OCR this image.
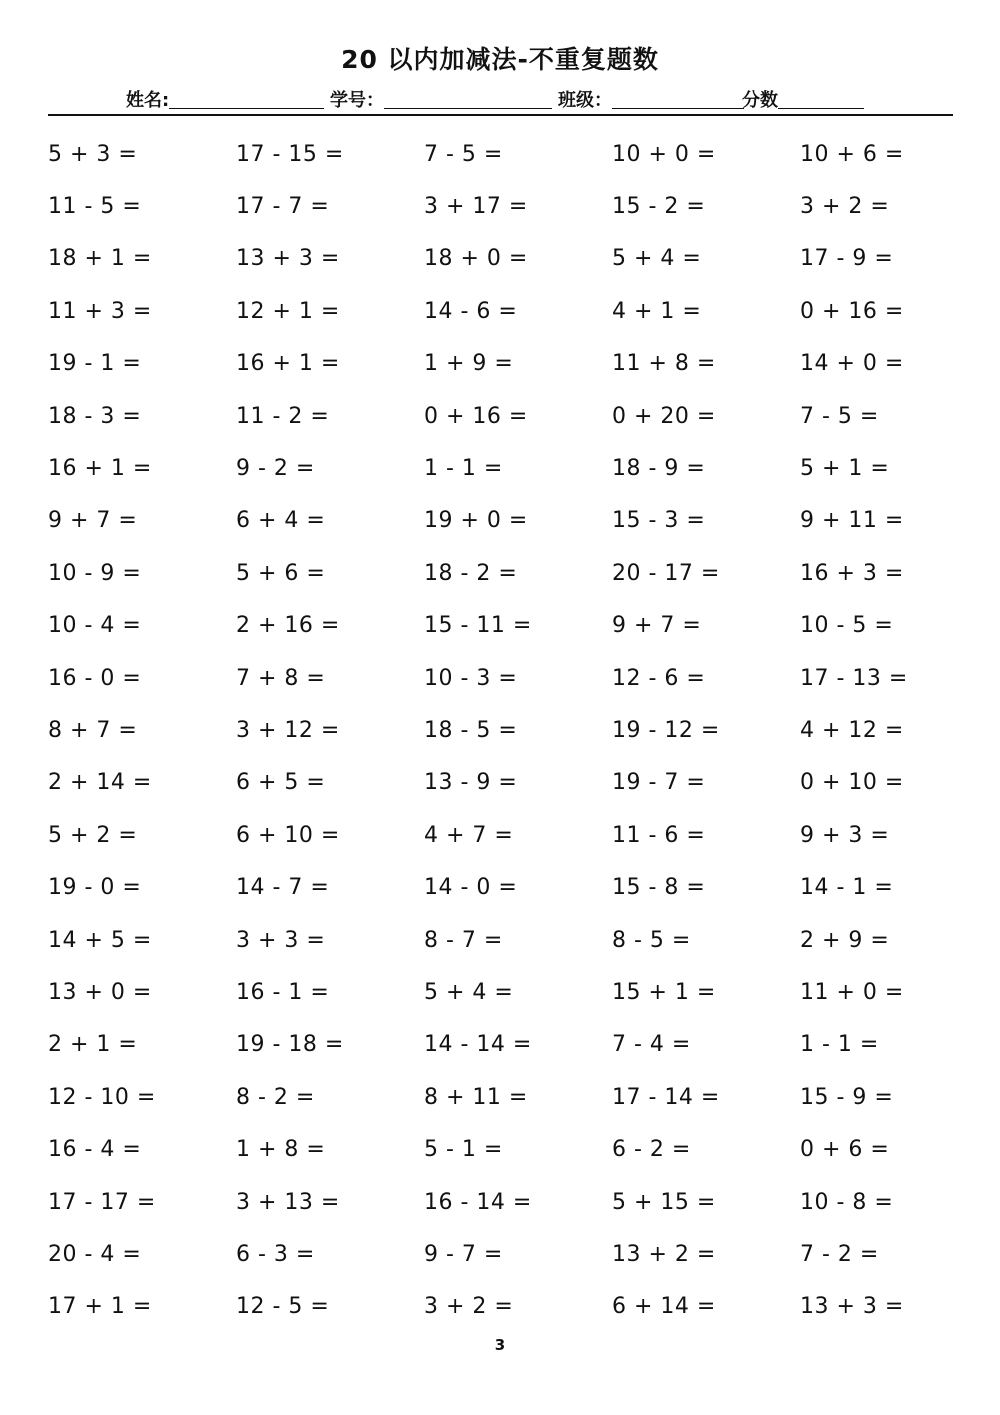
20 以内加减法-不重复题数
姓名:	学号：	班级：	分数
5 + 3 =	17 - 15 =	7 - 5 =	10 + 0 =	10 + 6 =
11 - 5 =	17 - 7 =	3 + 17 =	15 - 2 =	3 + 2 =
18 + 1 =	13 + 3 =	18 + 0 =	5 + 4 =	17 - 9 =
11 + 3 =	12 + 1 =	14 - 6 =	4 + 1 =	0 + 16 =
19 - 1 =	16 + 1 =	1 + 9 =	11 + 8 =	14 + 0 =
18 - 3 =	11 - 2 =	0 + 16 =	0 + 20 =	7 - 5 =
16 + 1 =	9 - 2 =	1 - 1 =	18 - 9 =	5 + 1 =
9 + 7 =	6 + 4 =	19 + 0 =	15 - 3 =	9 + 11 =
10 - 9 =	5 + 6 =	18 - 2 =	20 - 17 =	16 + 3 =
10 - 4 =	2 + 16 =	15 - 11 =	9 + 7 =	10 - 5 =
16 - 0 =	7 + 8 =	10 - 3 =	12 - 6 =	17 - 13 =
8 + 7 =	3 + 12 =	18 - 5 =	19 - 12 =	4 + 12 =
2 + 14 =	6 + 5 =	13 - 9 =	19 - 7 =	0 + 10 =
5 + 2 =	6 + 10 =	4 + 7 =	11 - 6 =	9 + 3 =
19 - 0 =	14 - 7 =	14 - 0 =	15 - 8 =	14 - 1 =
14 + 5 =	3 + 3 =	8 - 7 =	8 - 5 =	2 + 9 =
13 + 0 =	16 - 1 =	5 + 4 =	15 + 1 =	11 + 0 =
2 + 1 =	19 - 18 =	14 - 14 =	7 - 4 =	1 - 1 =
12 - 10 =	8 - 2 =	8 + 11 =	17 - 14 =	15 - 9 =
16 - 4 =	1 + 8 =	5 - 1 =	6 - 2 =	0 + 6 =
17 - 17 =	3 + 13 =	16 - 14 =	5 + 15 =	10 - 8 =
20 - 4 =	6 - 3 =	9 - 7 =	13 + 2 =	7 - 2 =
17 + 1 =	12 - 5 =	3 + 2 =	6 + 14 =	13 + 3 =
3
